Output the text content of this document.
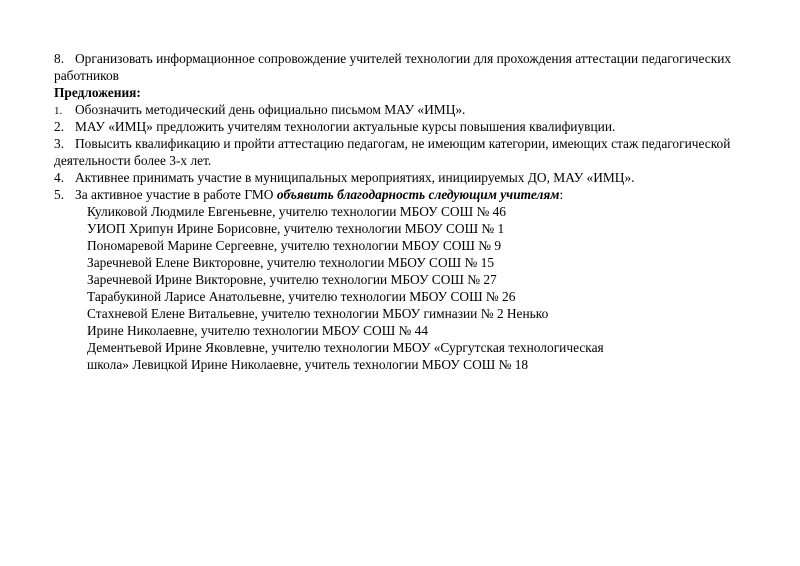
8. Организовать информационное сопровождение учителей технологии для прохождения аттестации педагогических
работников
Предложения:
1. Обозначить методический день официально письмом МАУ «ИМЦ».
2. МАУ «ИМЦ» предложить учителям технологии актуальные курсы повышения квалифиувции.
3. Повысить квалификацию и пройти аттестацию педагогам, не имеющим категории, имеющих стаж педагогической
деятельности более 3-х лет.
4. Активнее принимать участие в муниципальных мероприятиях, инициируемых ДО, МАУ «ИМЦ».
5. За активное участие в работе ГМО объявить благодарность следующим учителям:
Куликовой Людмиле Евгеньевне, учителю технологии МБОУ СОШ № 46
УИОП Хрипун Ирине Борисовне, учителю технологии МБОУ СОШ № 1
Пономаревой Марине Сергеевне, учителю технологии МБОУ СОШ № 9
Заречневой Елене Викторовне, учителю технологии МБОУ СОШ № 15
Заречневой Ирине Викторовне, учителю технологии МБОУ СОШ № 27
Тарабукиной Ларисе Анатольевне, учителю технологии МБОУ СОШ № 26
Стахневой Елене Витальевне, учителю технологии МБОУ гимназии № 2 Ненько
Ирине Николаевне, учителю технологии МБОУ СОШ № 44
Дементьевой Ирине Яковлевне, учителю технологии МБОУ «Сургутская технологическая
школа» Левицкой Ирине Николаевне, учитель технологии МБОУ СОШ № 18
